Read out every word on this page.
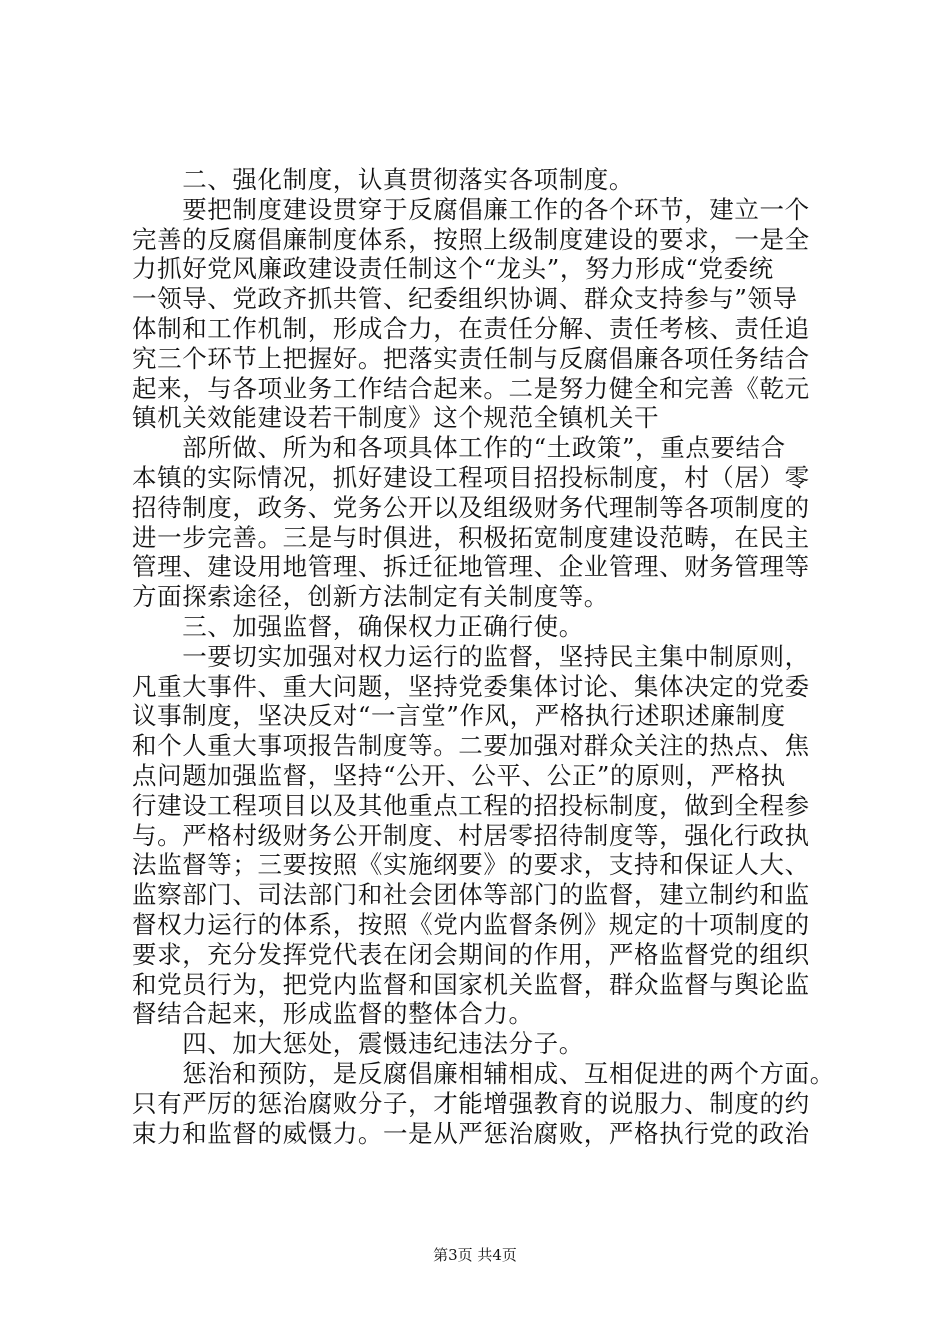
　　二、强化制度，认真贯彻落实各项制度。
　　要把制度建设贯穿于反腐倡廉工作的各个环节，建立一个
完善的反腐倡廉制度体系，按照上级制度建设的要求，一是全
力抓好党风廉政建设责任制这个“龙头”，努力形成“党委统
一领导、党政齐抓共管、纪委组织协调、群众支持参与”领导
体制和工作机制，形成合力，在责任分解、责任考核、责任追
究三个环节上把握好。把落实责任制与反腐倡廉各项任务结合
起来，与各项业务工作结合起来。二是努力健全和完善《乾元
镇机关效能建设若干制度》这个规范全镇机关干
　　部所做、所为和各项具体工作的“土政策”，重点要结合
本镇的实际情况，抓好建设工程项目招投标制度，村（居）零
招待制度，政务、党务公开以及组级财务代理制等各项制度的
进一步完善。三是与时俱进，积极拓宽制度建设范畴，在民主
管理、建设用地管理、拆迁征地管理、企业管理、财务管理等
方面探索途径，创新方法制定有关制度等。
　　三、加强监督，确保权力正确行使。
　　一要切实加强对权力运行的监督，坚持民主集中制原则，
凡重大事件、重大问题，坚持党委集体讨论、集体决定的党委
议事制度，坚决反对“一言堂”作风，严格执行述职述廉制度
和个人重大事项报告制度等。二要加强对群众关注的热点、焦
点问题加强监督，坚持“公开、公平、公正”的原则，严格执
行建设工程项目以及其他重点工程的招投标制度，做到全程参
与。严格村级财务公开制度、村居零招待制度等，强化行政执
法监督等；三要按照《实施纲要》的要求，支持和保证人大、
监察部门、司法部门和社会团体等部门的监督，建立制约和监
督权力运行的体系，按照《党内监督条例》规定的十项制度的
要求，充分发挥党代表在闭会期间的作用，严格监督党的组织
和党员行为，把党内监督和国家机关监督，群众监督与舆论监
督结合起来，形成监督的整体合力。
　　四、加大惩处，震慑违纪违法分子。
　　惩治和预防，是反腐倡廉相辅相成、互相促进的两个方面。
只有严厉的惩治腐败分子，才能增强教育的说服力、制度的约
束力和监督的威慑力。一是从严惩治腐败，严格执行党的政治
第3页 共4页
